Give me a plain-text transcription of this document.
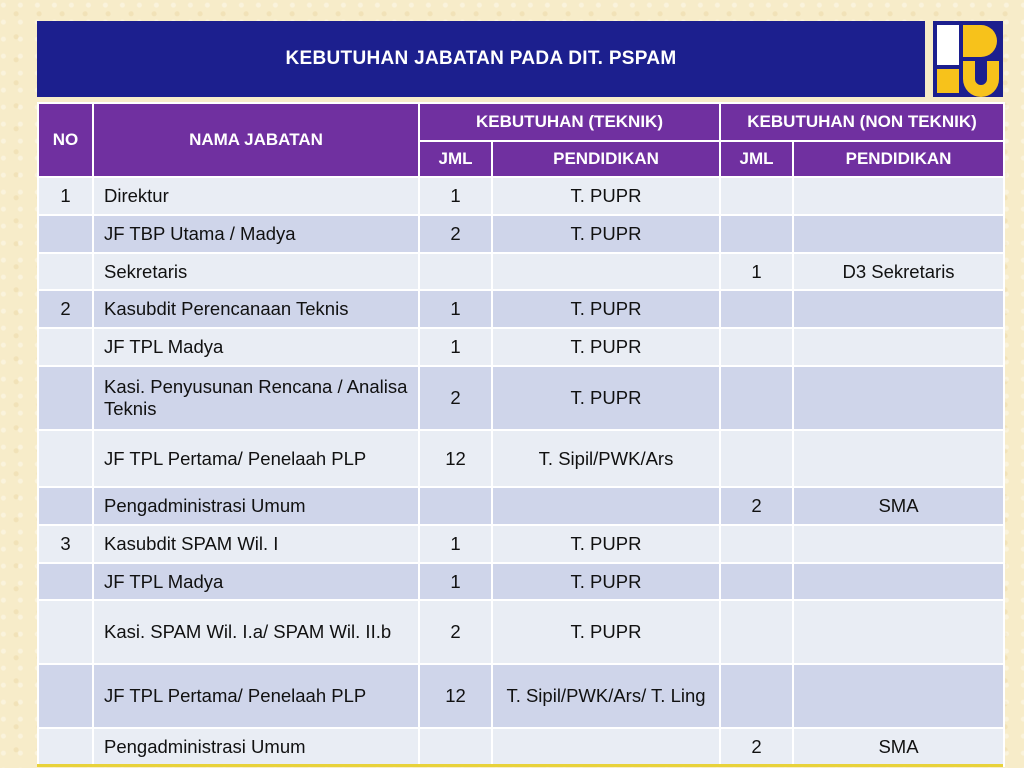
KEBUTUHAN JABATAN PADA DIT. PSPAM
NO	NAMA JABATAN	KEBUTUHAN (TEKNIK)		KEBUTUHAN (NON TEKNIK)	
		JML	PENDIDIKAN	JML	PENDIDIKAN
1	Direktur	1	T. PUPR		
	JF TBP Utama / Madya	2	T. PUPR		
	Sekretaris			1	D3 Sekretaris
2	Kasubdit Perencanaan Teknis	1	T. PUPR		
	JF TPL Madya	1	T. PUPR		
	Kasi. Penyusunan Rencana / Analisa Teknis	2	T. PUPR		
	JF TPL Pertama/ Penelaah PLP	12	T. Sipil/PWK/Ars		
	Pengadministrasi Umum			2	SMA
3	Kasubdit SPAM Wil. I	1	T. PUPR		
	JF TPL Madya	1	T. PUPR		
	Kasi. SPAM Wil. I.a/ SPAM Wil. II.b	2	T. PUPR		
	JF TPL Pertama/ Penelaah PLP	12	T. Sipil/PWK/Ars/ T. Ling		
	Pengadministrasi Umum			2	SMA
